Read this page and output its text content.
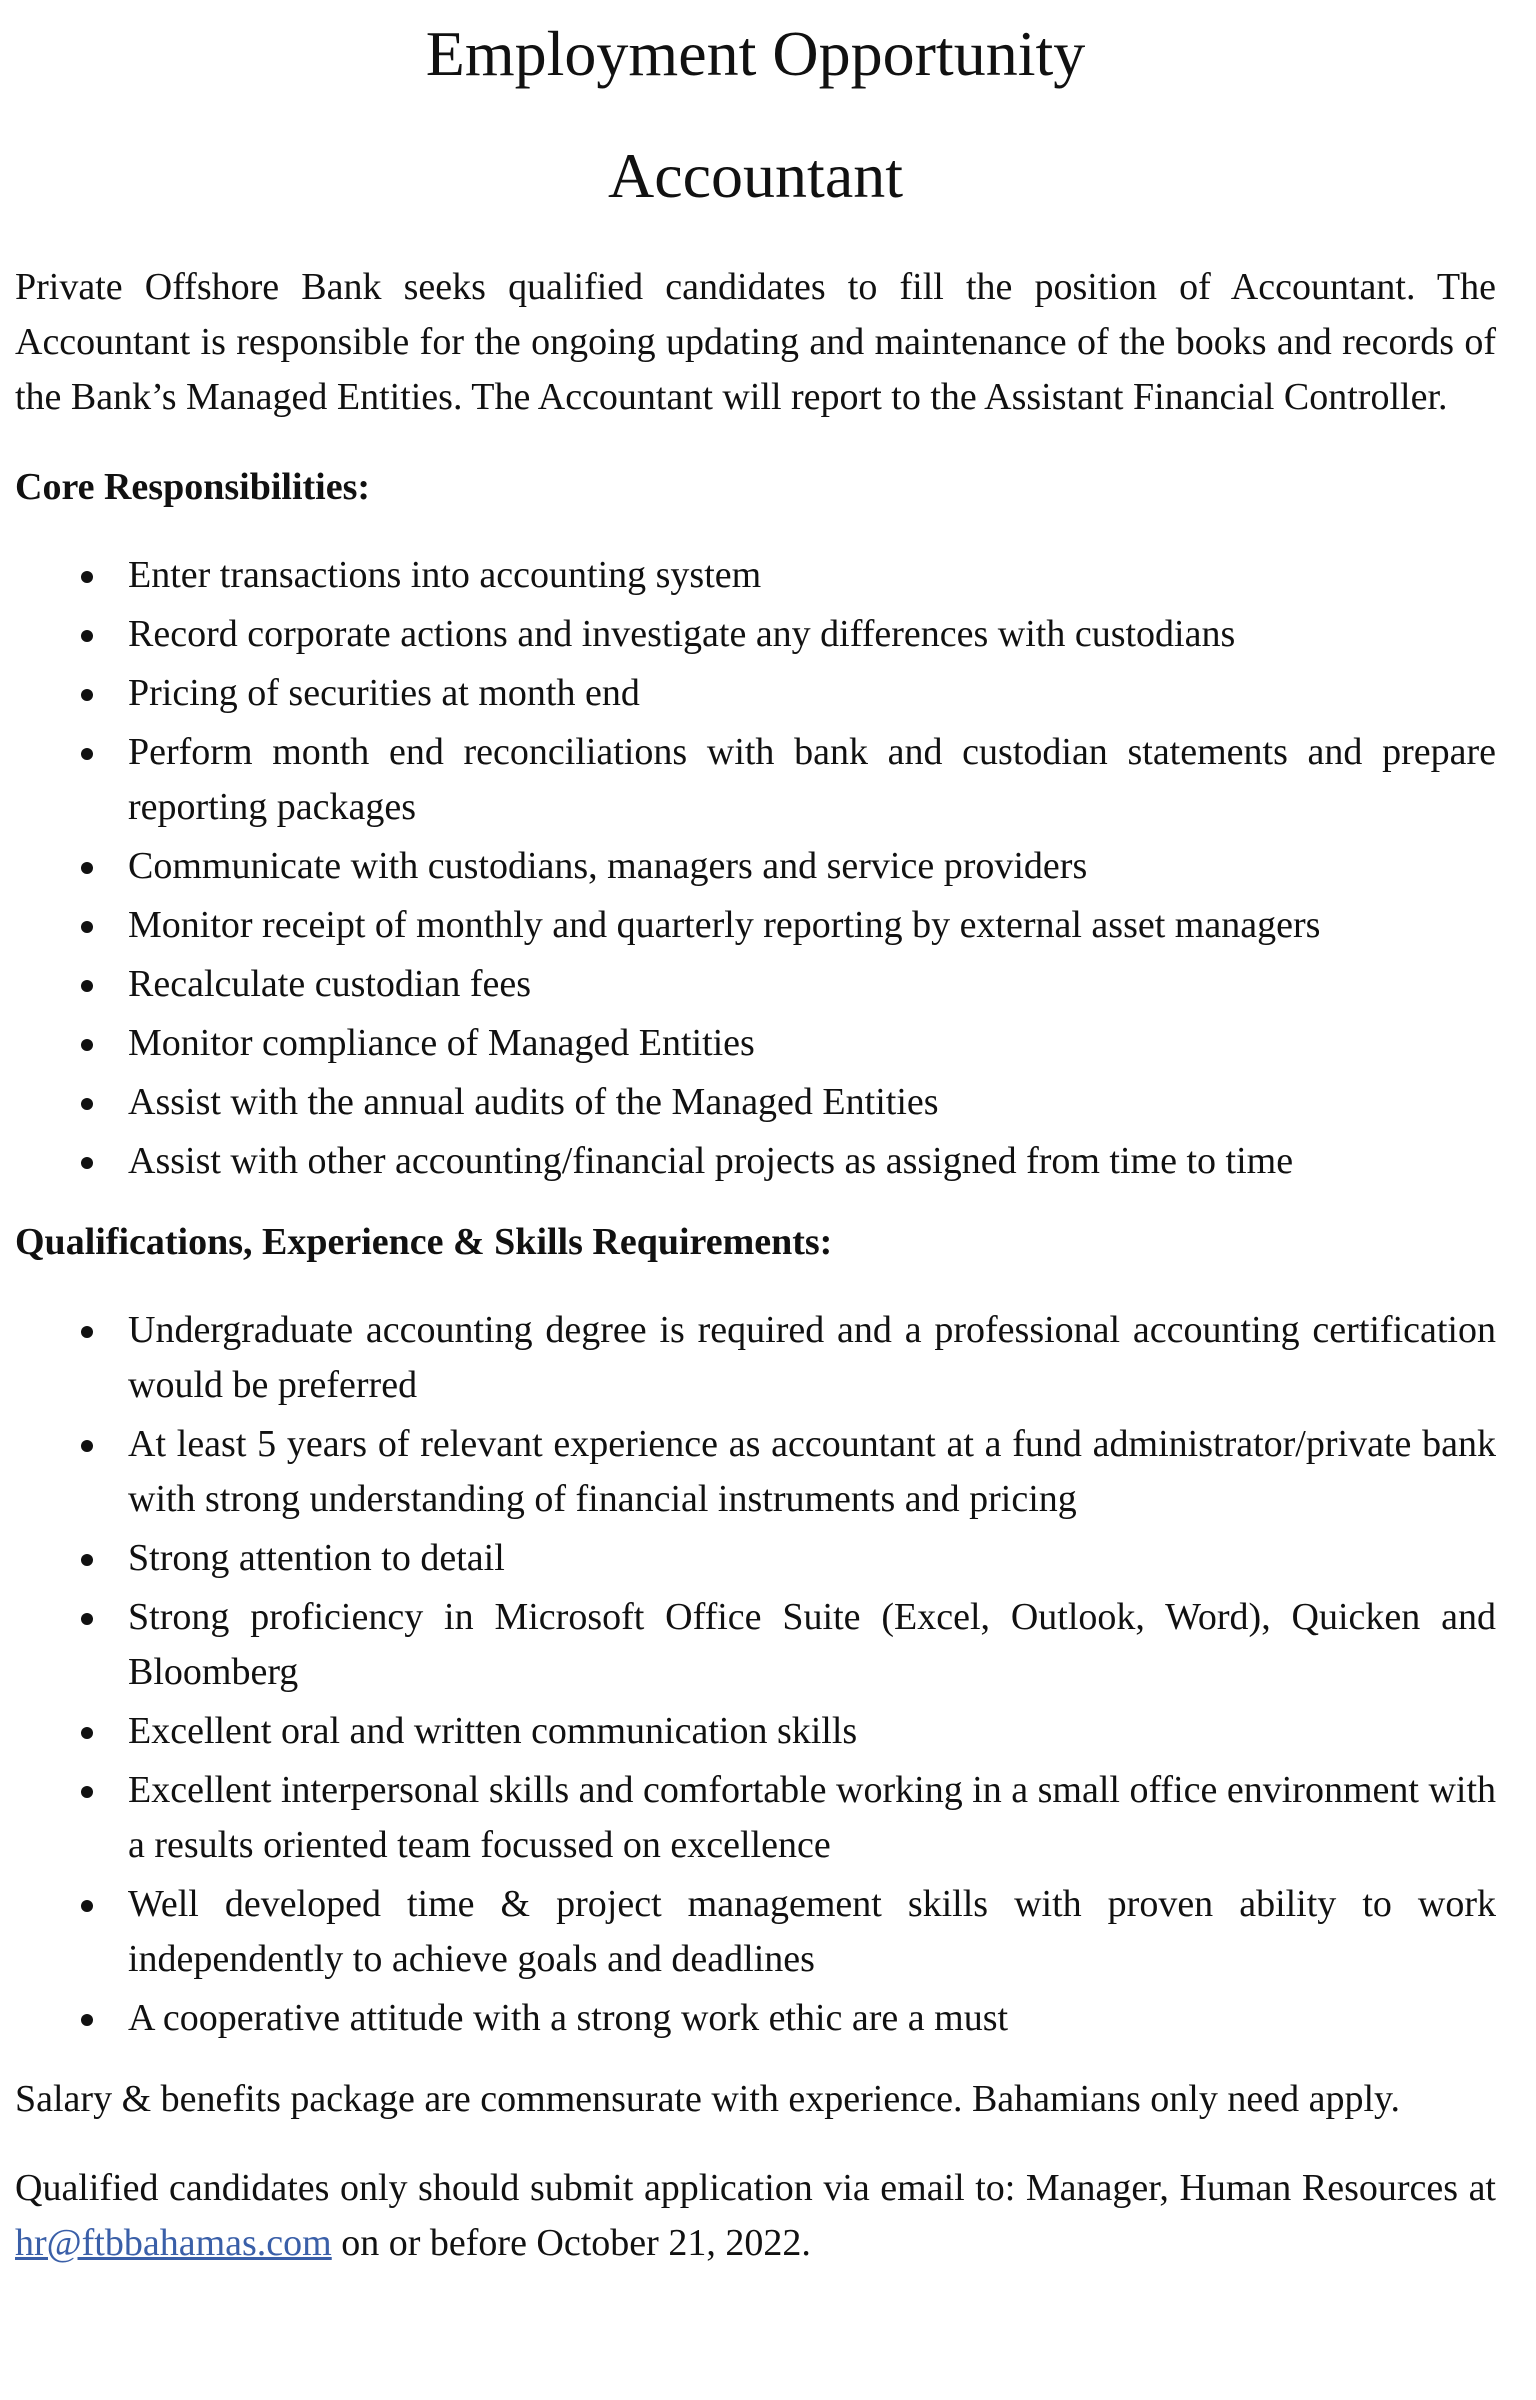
Employment Opportunity
Accountant

Private Offshore Bank seeks qualified candidates to fill the position of Accountant. The Accountant is responsible for the ongoing updating and maintenance of the books and records of the Bank’s Managed Entities. The Accountant will report to the Assistant Financial Controller.

Core Responsibilities:

Enter transactions into accounting system
Record corporate actions and investigate any differences with custodians
Pricing of securities at month end
Perform month end reconciliations with bank and custodian statements and prepare reporting packages
Communicate with custodians, managers and service providers
Monitor receipt of monthly and quarterly reporting by external asset managers
Recalculate custodian fees
Monitor compliance of Managed Entities
Assist with the annual audits of the Managed Entities
Assist with other accounting/financial projects as assigned from time to time

Qualifications, Experience & Skills Requirements:

Undergraduate accounting degree is required and a professional accounting certification would be preferred
At least 5 years of relevant experience as accountant at a fund administrator/private bank with strong understanding of financial instruments and pricing
Strong attention to detail
Strong proficiency in Microsoft Office Suite (Excel, Outlook, Word), Quicken and Bloomberg
Excellent oral and written communication skills
Excellent interpersonal skills and comfortable working in a small office environment with a results oriented team focussed on excellence
Well developed time & project management skills with proven ability to work independently to achieve goals and deadlines
A cooperative attitude with a strong work ethic are a must

Salary & benefits package are commensurate with experience. Bahamians only need apply.

Qualified candidates only should submit application via email to: Manager, Human Resources at hr@ftbbahamas.com on or before October 21, 2022.
